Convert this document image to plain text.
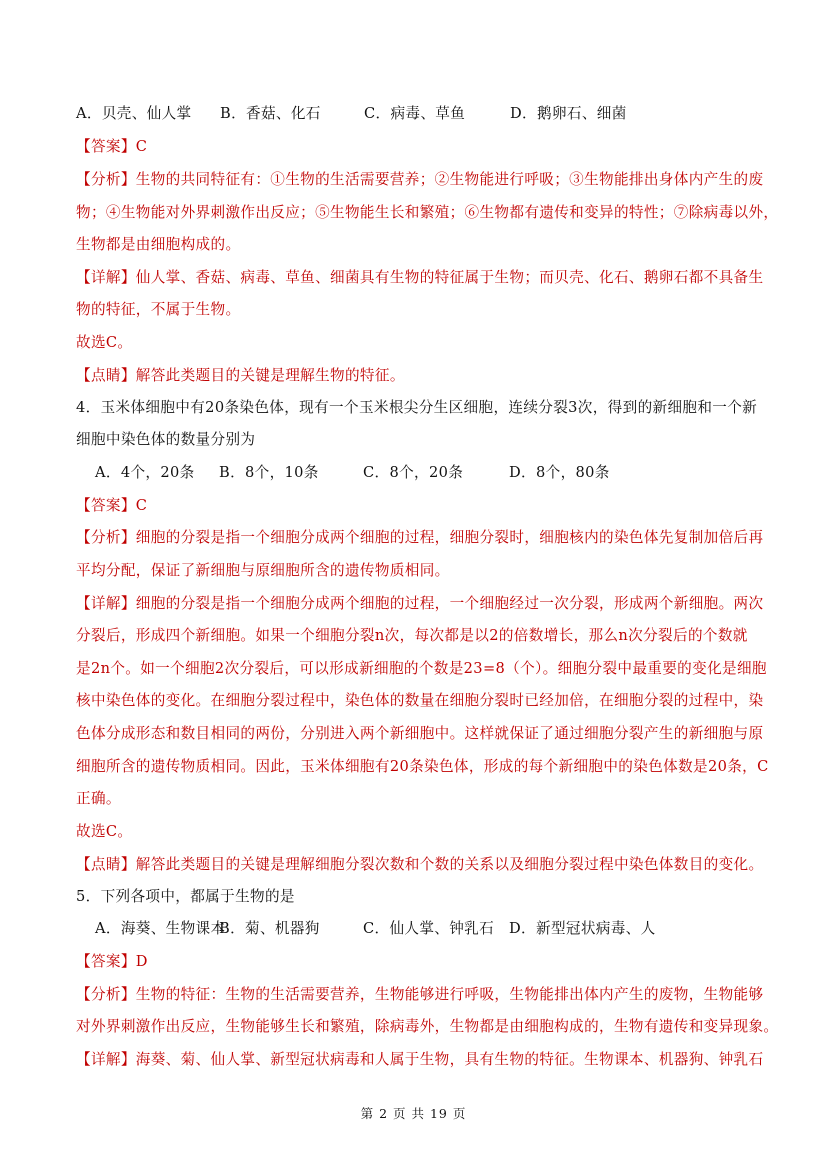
A．贝壳、仙人掌 B．香菇、化石	C．病毒、草鱼	D．鹅卵石、细菌
【答案】C
【分析】生物的共同特征有：①生物的生活需要营养；②生物能进行呼吸；③生物能排出身体内产生的废
物；④生物能对外界刺激作出反应；⑤生物能生长和繁殖；⑥生物都有遗传和变异的特性；⑦除病毒以外，
生物都是由细胞构成的。
【详解】仙人掌、香菇、病毒、草鱼、细菌具有生物的特征属于生物；而贝壳、化石、鹅卵石都不具备生
物的特征，不属于生物。
故选C。
【点睛】解答此类题目的关键是理解生物的特征。
4．玉米体细胞中有20条染色体，现有一个玉米根尖分生区细胞，连续分裂3次，得到的新细胞和一个新
细胞中染色体的数量分别为
A．4个，20条 B．8个，10条	C．8个，20条	D．8个，80条
【答案】C
【分析】细胞的分裂是指一个细胞分成两个细胞的过程，细胞分裂时，细胞核内的染色体先复制加倍后再
平均分配，保证了新细胞与原细胞所含的遗传物质相同。
【详解】细胞的分裂是指一个细胞分成两个细胞的过程，一个细胞经过一次分裂，形成两个新细胞。两次
分裂后，形成四个新细胞。如果一个细胞分裂n次，每次都是以2的倍数增长，那么n次分裂后的个数就
是2n个。如一个细胞2次分裂后，可以形成新细胞的个数是23=8（个）。细胞分裂中最重要的变化是细胞
核中染色体的变化。在细胞分裂过程中，染色体的数量在细胞分裂时已经加倍，在细胞分裂的过程中，染
色体分成形态和数目相同的两份，分别进入两个新细胞中。这样就保证了通过细胞分裂产生的新细胞与原
细胞所含的遗传物质相同。因此，玉米体细胞有20条染色体，形成的每个新细胞中的染色体数是20条，C
正确。
故选C。
【点睛】解答此类题目的关键是理解细胞分裂次数和个数的关系以及细胞分裂过程中染色体数目的变化。
5．下列各项中，都属于生物的是
A．海葵、生物课本B．菊、机器狗	C．仙人掌、钟乳石 D．新型冠状病毒、人
【答案】D
【分析】生物的特征：生物的生活需要营养，生物能够进行呼吸，生物能排出体内产生的废物，生物能够
对外界刺激作出反应，生物能够生长和繁殖，除病毒外，生物都是由细胞构成的，生物有遗传和变异现象。
【详解】海葵、菊、仙人掌、新型冠状病毒和人属于生物，具有生物的特征。生物课本、机器狗、钟乳石
第 2 页 共 19 页
